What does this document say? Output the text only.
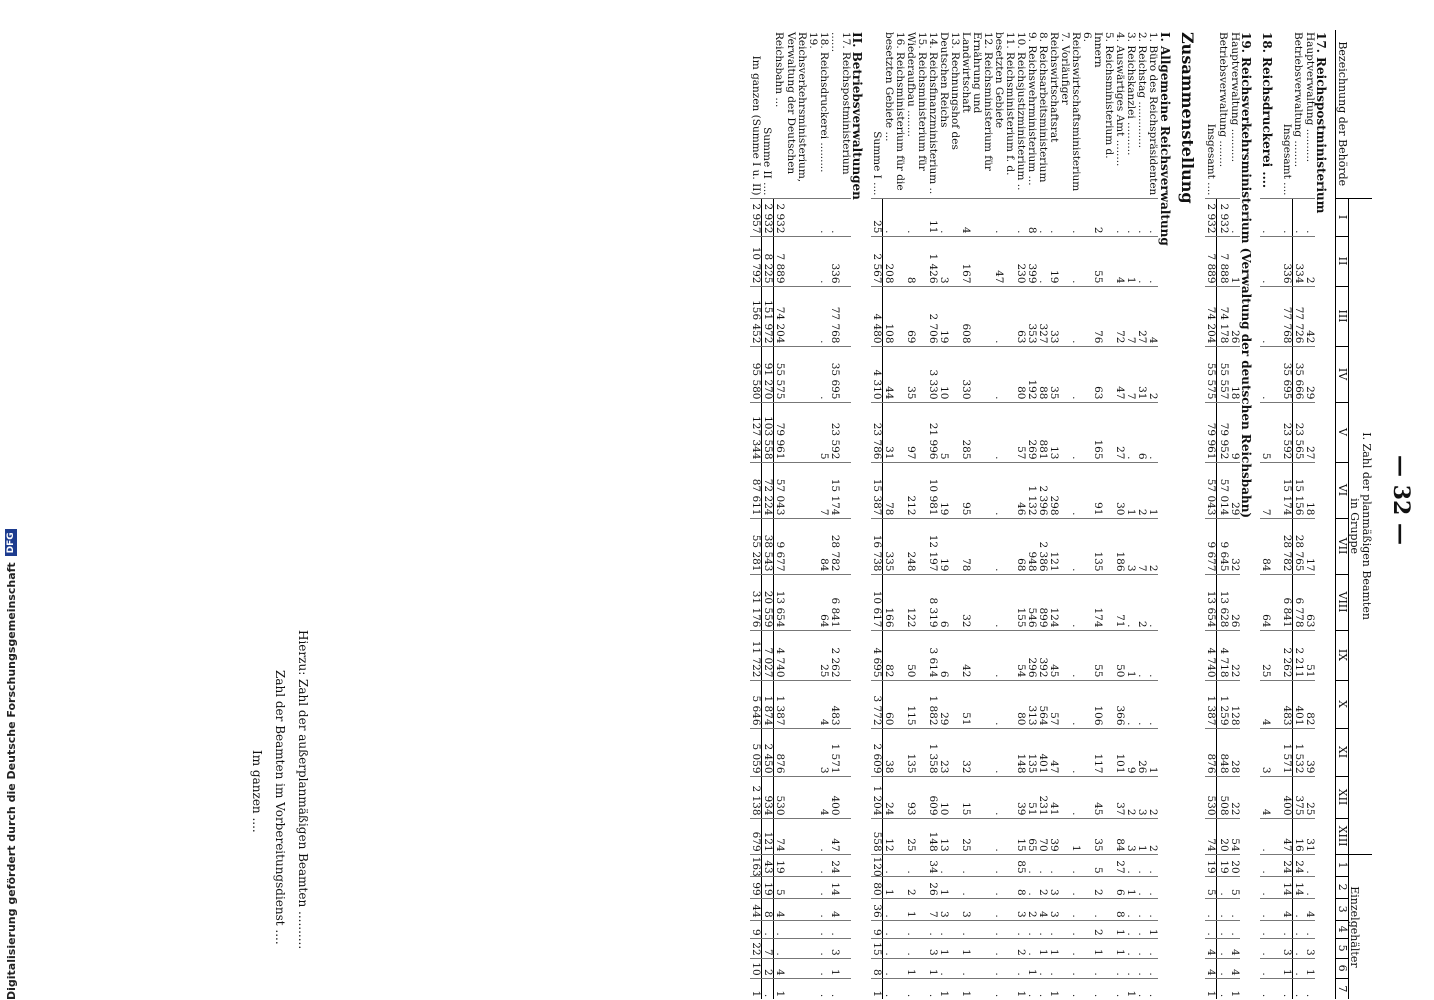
Digitalisierung gefördert durch die Deutsche Forschungsgemeinschaft
DFG	— 32 —
Bezeichnung der Behörde	I. Zahl der planmäßigen Beamten													Einzelgehälter						
	in Gruppe																			
	I	II	III	IV	V	VI	VII	VIII	IX	X	XI	XII	XIII	1	2	3	4	5	6	7
17. Reichspostministerium																				
Hauptverwaltung ..........	.	2	42	29	27	18	17	63	51	82	39	25	31	.	.	4	.	3	1	.
Betriebsverwaltung ........	.	334	77 726	35 666	23 565	15 156	28 765	6 778	2 211	401	1 532	375	16	24	14	.	.	.	.	.
Insgesamt ....	.	336	77 768	35 695	23 592	15 174	28 782	6 841	2 262	483	1 571	400	47	24	14	4	.	3	1	.
18. Reichsdruckerei ....	.	.	.	.	5	7	84	64	25	4	3	4	.	.	.	.	.	.	.	.
19. Reichsverkehrsministerium (Verwaltung der deutschen Reichsbahn)																				
Hauptverwaltung ..........	.	1	26	18	9	29	32	26	22	128	28	22	54	20	5	.	.	4	4	1
Betriebsverwaltung ........	2 932	7 888	74 178	55 557	79 952	57 014	9 645	13 628	4 718	1 259	848	508	20	19	.	.	.	.	.	.
Insgesamt ....	2 932	7 889	74 204	55 575	79 961	57 043	9 677	13 654	4 740	1 387	876	530	74	19	5	.	.	4	4	1
Zusammenstellung																				
I. Allgemeine Reichsverwaltung																				
1. Büro des Reichspräsidenten	.	.	4	2	.	1	2	.	.	.	1	2	2	.	.	.	1	.	.	.
2. Reichstag ..............	.	.	27	31	6	2	7	2	.	.	26	3	1	.	.	.	.	.	.	.
3. Reichskanzlei ..........	.	1	7	7	.	1	3	.	1	.	9	2	3	.	1	.	.	.	.	1
4. Auswärtiges Amt ........	.	4	72	47	27	30	186	71	50	366	101	37	84	27	6	8	1	1	.	.
5. Reichsministerium d. Innern	2	55	76	63	165	91	135	174	55	106	117	45	35	5	2	.	2	1	.	.
6. Reichswirtschaftsministerium	.	.	.	.	.	.	.	.	.	.	.	.	1	.	.	.	.	.	.	.
7. Vorläufiger Reichswirtschaftsrat	.	19	33	35	13	298	121	124	45	57	47	41	39	.	3	3	.	1	.	1
8. Reichsarbeitsministerium	.	.	327	88	881	2 396	2 386	899	392	564	401	231	70	.	2	4	.	1	.	.
9. Reichswehrministerium ...	8	399	353	192	269	1 132	948	546	296	313	135	51	65	.	.	2	.	.	1	.
10. Reichsjustizministerium ..	.	230	63	80	57	46	68	155	54	80	148	39	15	85	8	3	.	2	.	1
11. Reichsministerium f. d. besetzten Gebiete	.	47	.	.	.	.	.	.	.	.	.	.	.	.	.	.	.	.	.	.
12. Reichsministerium für Ernährung und Landwirtschaft	4	167	608	330	285	95	78	32	42	51	32	15	25	.	.	3	.	1	.	1
13. Rechnungshof des Deutschen Reichs	.	3	19	10	5	19	19	6	6	29	23	10	13	.	1	3	.	1	.	1
14. Reichsfinanzministerium ..	11	1 426	2 706	3 330	21 996	10 981	12 197	8 319	3 614	1 882	1 358	609	148	34	26	7	.	3	1	.
15. Reichsministerium für Wiederaufbau ........	.	8	69	35	97	212	248	122	50	115	135	93	25	.	2	1	.	.	1	.
16. Reichsministerium für die besetzten Gebiete ...	.	208	108	44	31	78	335	166	82	60	38	24	12	.	1	.	.	.	.	.
Summe I ....	25	2 567	4 480	4 310	23 786	15 387	16 738	10 617	4 695	3 772	2 609	1 204	558	120	80	36	9	15	8	1
II. Betriebsverwaltungen																				
17. Reichspostministerium ......	.	336	77 768	35 695	23 592	15 174	28 782	6 841	2 262	483	1 571	400	47	24	14	4	.	3	1	.
18. Reichsdruckerei .........	.	.	.	.	5	7	84	64	25	4	3	4	.	.	.	.	.	.	.	.
19. Reichsverkehrsministerium, Verwaltung der Deutschen Reichsbahn ...	2 932	7 889	74 204	55 575	79 961	57 043	9 677	13 654	4 740	1 387	876	530	74	19	5	4	.	.	4	1
Summe II ....	2 932	8 225	151 972	91 270	103 558	72 224	38 543	20 559	7 027	1 874	2 450	934	121	43	19	8	.	7	2	.
Im ganzen (Summe I u. II)	2 957	10 792	156 452	95 580	127 344	87 611	55 281	31 176	11 722	5 646	5 059	2 138	679	163	99	44	9	22	10	1
Hierzu: Zahl der außerplanmäßigen Beamten ..........
Zahl der Beamten im Vorbereitungsdienst ....
Im ganzen ....
